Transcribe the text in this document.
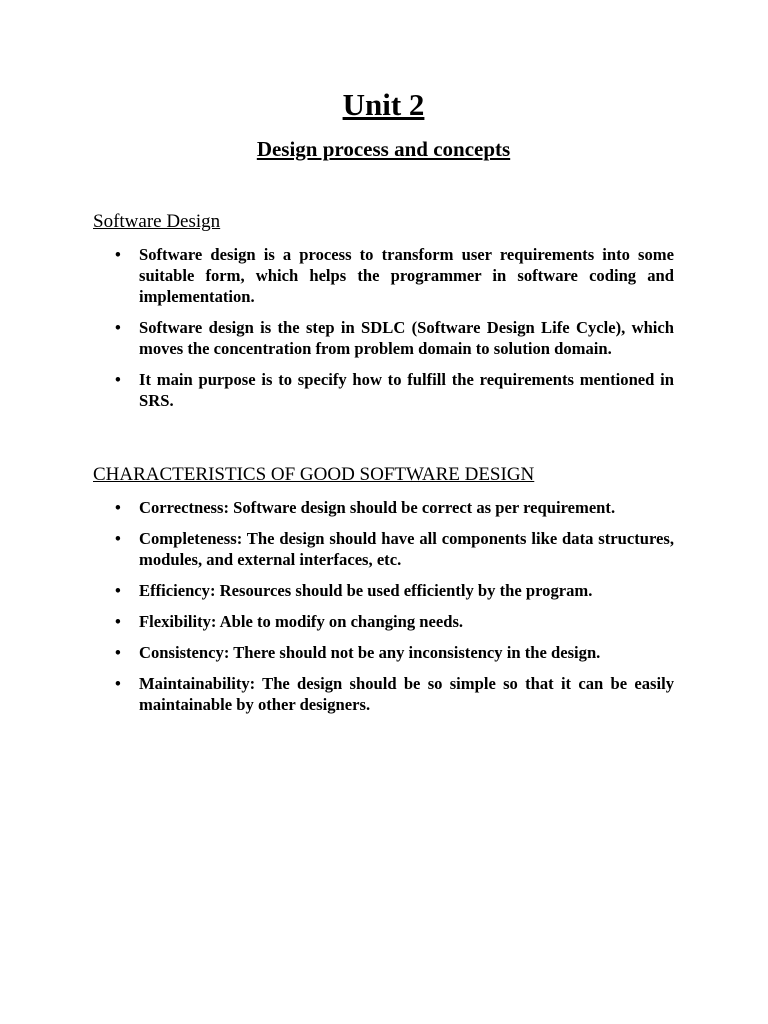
Unit 2
Design process and concepts
Software Design
• Software design is a process to transform user requirements into some suitable form, which helps the programmer in software coding and implementation.
• Software design is the step in SDLC (Software Design Life Cycle), which moves the concentration from problem domain to solution domain.
• It main purpose is to specify how to fulfill the requirements mentioned in SRS.
CHARACTERISTICS OF GOOD SOFTWARE DESIGN
• Correctness: Software design should be correct as per requirement.
• Completeness: The design should have all components like data structures, modules, and external interfaces, etc.
• Efficiency: Resources should be used efficiently by the program.
• Flexibility: Able to modify on changing needs.
• Consistency: There should not be any inconsistency in the design.
• Maintainability: The design should be so simple so that it can be easily maintainable by other designers.
